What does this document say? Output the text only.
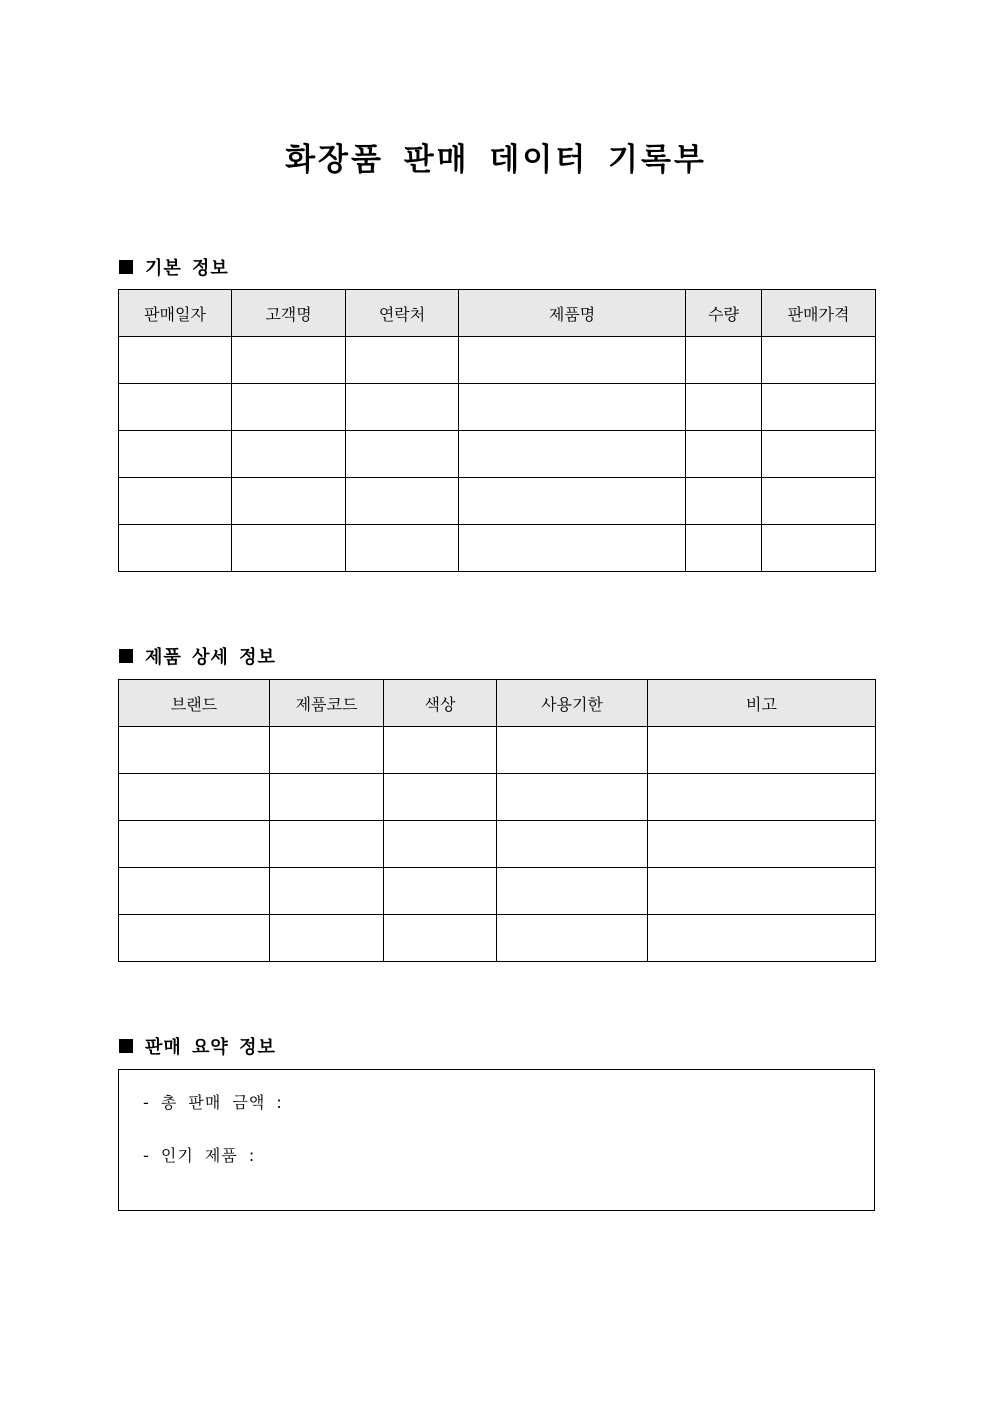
화장품 판매 데이터 기록부
기본 정보
판매일자	고객명	연락처	제품명	수량	판매가격

제품 상세 정보
브랜드	제품코드	색상	사용기한	비고

판매 요약 정보
- 총 판매 금액 :
- 인기 제품 :
